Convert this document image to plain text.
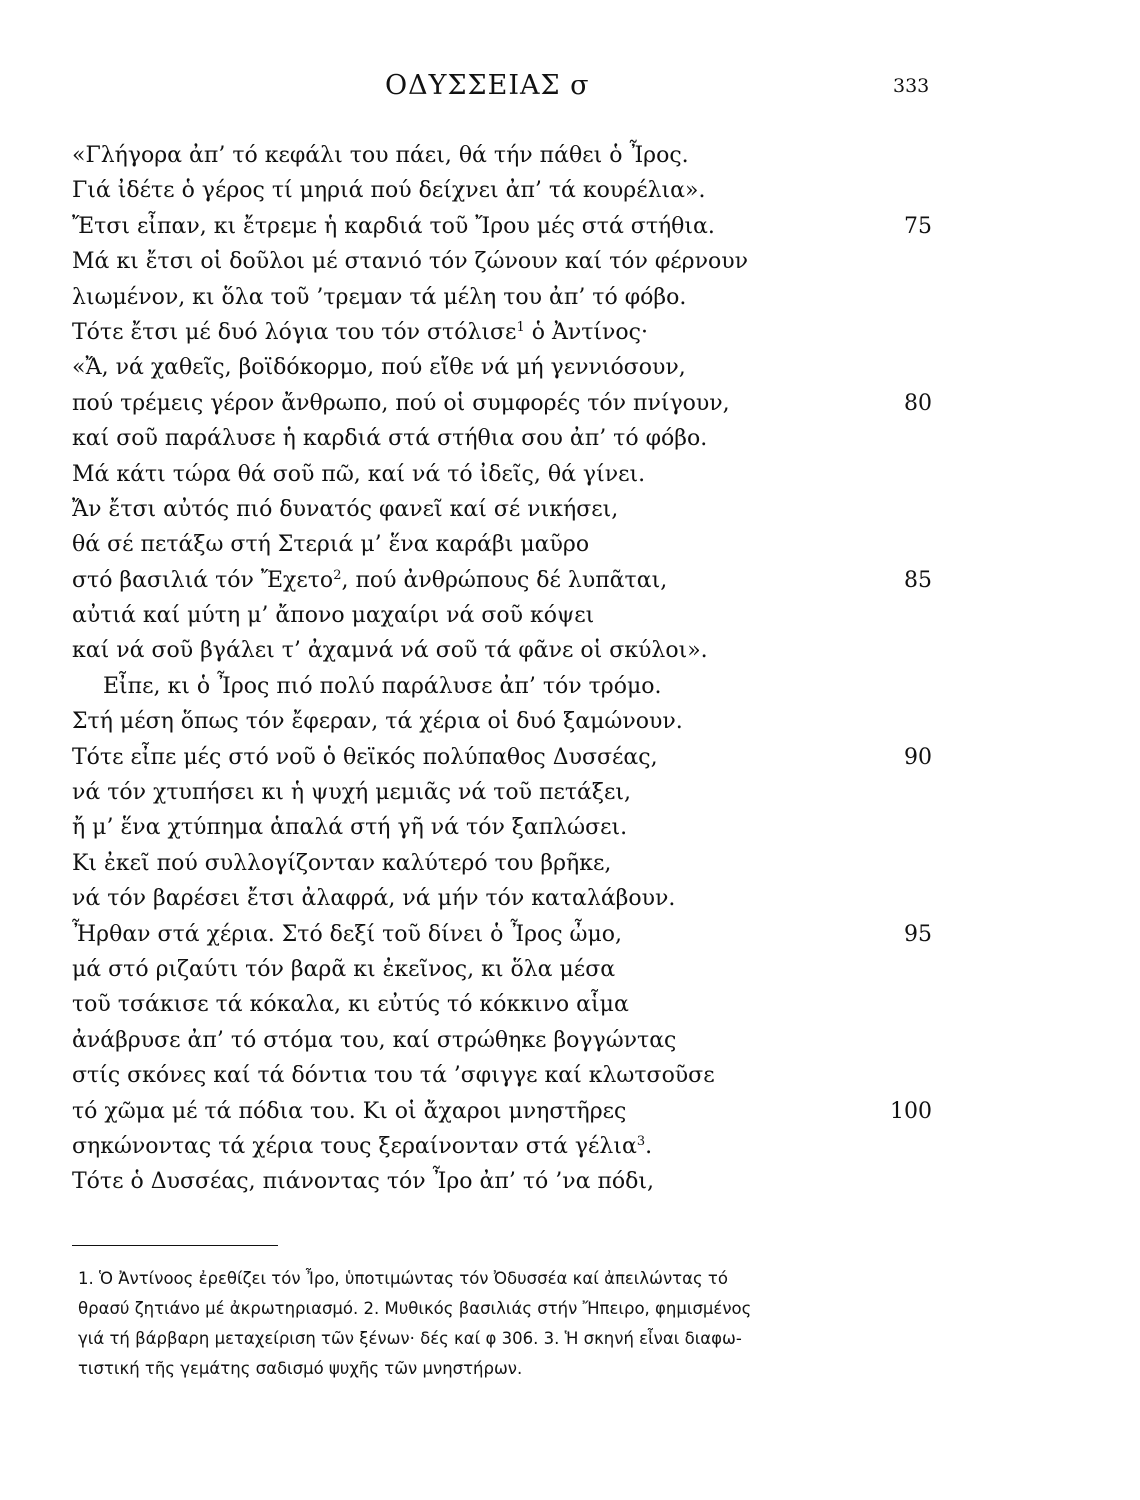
ΟΔΥΣΣΕΙΑΣ σ	333
«Γλήγορα ἀπ’ τό κεφάλι του πάει, θά τήν πάθει ὁ Ἶρος.
Γιά ἰδέτε ὁ γέρος τί μηριά πού δείχνει ἀπ’ τά κουρέλια».
Ἔτσι εἶπαν, κι ἔτρεμε ἡ καρδιά τοῦ Ἴρου μές στά στήθια.	75
Μά κι ἔτσι οἱ δοῦλοι μέ στανιό τόν ζώνουν καί τόν φέρνουν
λιωμένον, κι ὅλα τοῦ ’τρεμαν τά μέλη του ἀπ’ τό φόβο.
Τότε ἔτσι μέ δυό λόγια του τόν στόλισε$^1$ ὁ Ἀντίνος·
«Ἄ, νά χαθεῖς, βοϊδόκορμο, πού εἴθε νά μή γεννιόσουν,
πού τρέμεις γέρον ἄνθρωπο, πού οἱ συμφορές τόν πνίγουν,	80
καί σοῦ παράλυσε ἡ καρδιά στά στήθια σου ἀπ’ τό φόβο.
Μά κάτι τώρα θά σοῦ πῶ, καί νά τό ἰδεῖς, θά γίνει.
Ἄν ἔτσι αὐτός πιό δυνατός φανεῖ καί σέ νικήσει,
θά σέ πετάξω στή Στεριά μ’ ἕνα καράβι μαῦρο
στό βασιλιά τόν Ἔχετο$^2$, πού ἀνθρώπους δέ λυπᾶται,	85
αὐτιά καί μύτη μ’ ἄπονο μαχαίρι νά σοῦ κόψει
καί νά σοῦ βγάλει τ’ ἀχαμνά νά σοῦ τά φᾶνε οἱ σκύλοι».
Εἶπε, κι ὁ Ἶρος πιό πολύ παράλυσε ἀπ’ τόν τρόμο.
Στή μέση ὅπως τόν ἔφεραν, τά χέρια οἱ δυό ξαμώνουν.
Τότε εἶπε μές στό νοῦ ὁ θεϊκός πολύπαθος Δυσσέας,	90
νά τόν χτυπήσει κι ἡ ψυχή μεμιᾶς νά τοῦ πετάξει,
ἤ μ’ ἕνα χτύπημα ἁπαλά στή γῆ νά τόν ξαπλώσει.
Κι ἐκεῖ πού συλλογίζονταν καλύτερό του βρῆκε,
νά τόν βαρέσει ἔτσι ἀλαφρά, νά μήν τόν καταλάβουν.
Ἦρθαν στά χέρια. Στό δεξί τοῦ δίνει ὁ Ἶρος ὦμο,	95
μά στό ριζαύτι τόν βαρᾶ κι ἐκεῖνος, κι ὅλα μέσα
τοῦ τσάκισε τά κόκαλα, κι εὐτύς τό κόκκινο αἷμα
ἀνάβρυσε ἀπ’ τό στόμα του, καί στρώθηκε βογγώντας
στίς σκόνες καί τά δόντια του τά ’σφιγγε καί κλωτσοῦσε
τό χῶμα μέ τά πόδια του. Κι οἱ ἄχαροι μνηστῆρες	100
σηκώνοντας τά χέρια τους ξεραίνονταν στά γέλια$^3$.
Τότε ὁ Δυσσέας, πιάνοντας τόν Ἶρο ἀπ’ τό ’να πόδι,
1. Ὁ Ἀντίνοος ἐρεθίζει τόν Ἶρο, ὑποτιμώντας τόν Ὀδυσσέα καί ἀπειλώντας τό
θρασύ ζητιάνο μέ ἀκρωτηριασμό. 2. Μυθικός βασιλιάς στήν Ἤπειρο, φημισμένος
γιά τή βάρβαρη μεταχείριση τῶν ξένων· δές καί φ 306. 3. Ἡ σκηνή εἶναι διαφω-
τιστική τῆς γεμάτης σαδισμό ψυχῆς τῶν μνηστήρων.
